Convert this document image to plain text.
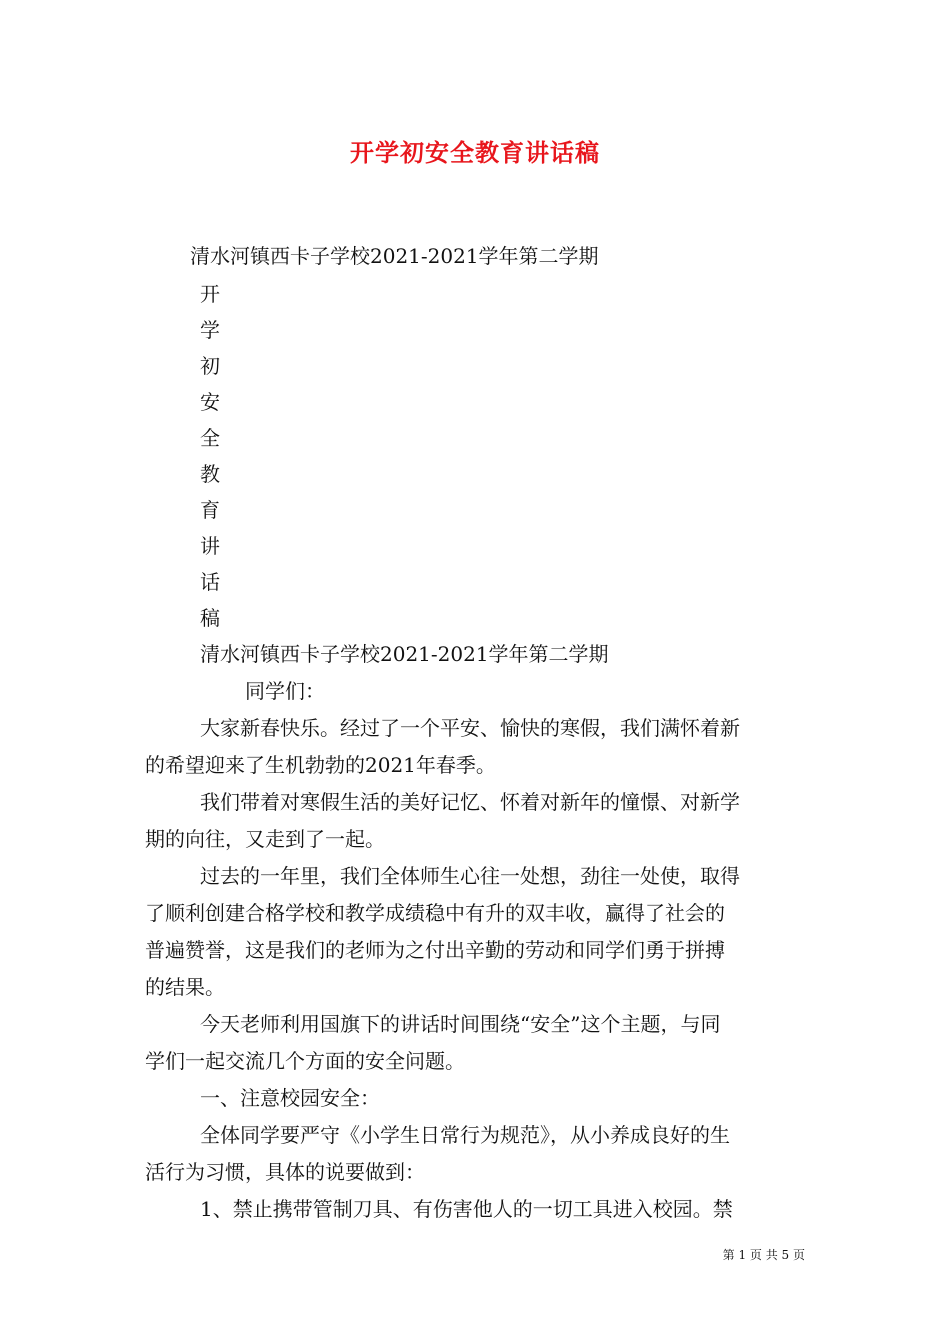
开学初安全教育讲话稿
清水河镇西卡子学校2021-2021学年第二学期
开
学
初
安
全
教
育
讲
话
稿
清水河镇西卡子学校2021-2021学年第二学期
同学们：
大家新春快乐。经过了一个平安、愉快的寒假，我们满怀着新
的希望迎来了生机勃勃的2021年春季。
我们带着对寒假生活的美好记忆、怀着对新年的憧憬、对新学
期的向往，又走到了一起。
过去的一年里，我们全体师生心往一处想，劲往一处使，取得
了顺利创建合格学校和教学成绩稳中有升的双丰收，赢得了社会的
普遍赞誉，这是我们的老师为之付出辛勤的劳动和同学们勇于拼搏
的结果。
今天老师利用国旗下的讲话时间围绕“安全”这个主题，与同
学们一起交流几个方面的安全问题。
一、注意校园安全：
全体同学要严守《小学生日常行为规范》，从小养成良好的生
活行为习惯，具体的说要做到：
1、禁止携带管制刀具、有伤害他人的一切工具进入校园。禁
第 1 页 共 5 页
